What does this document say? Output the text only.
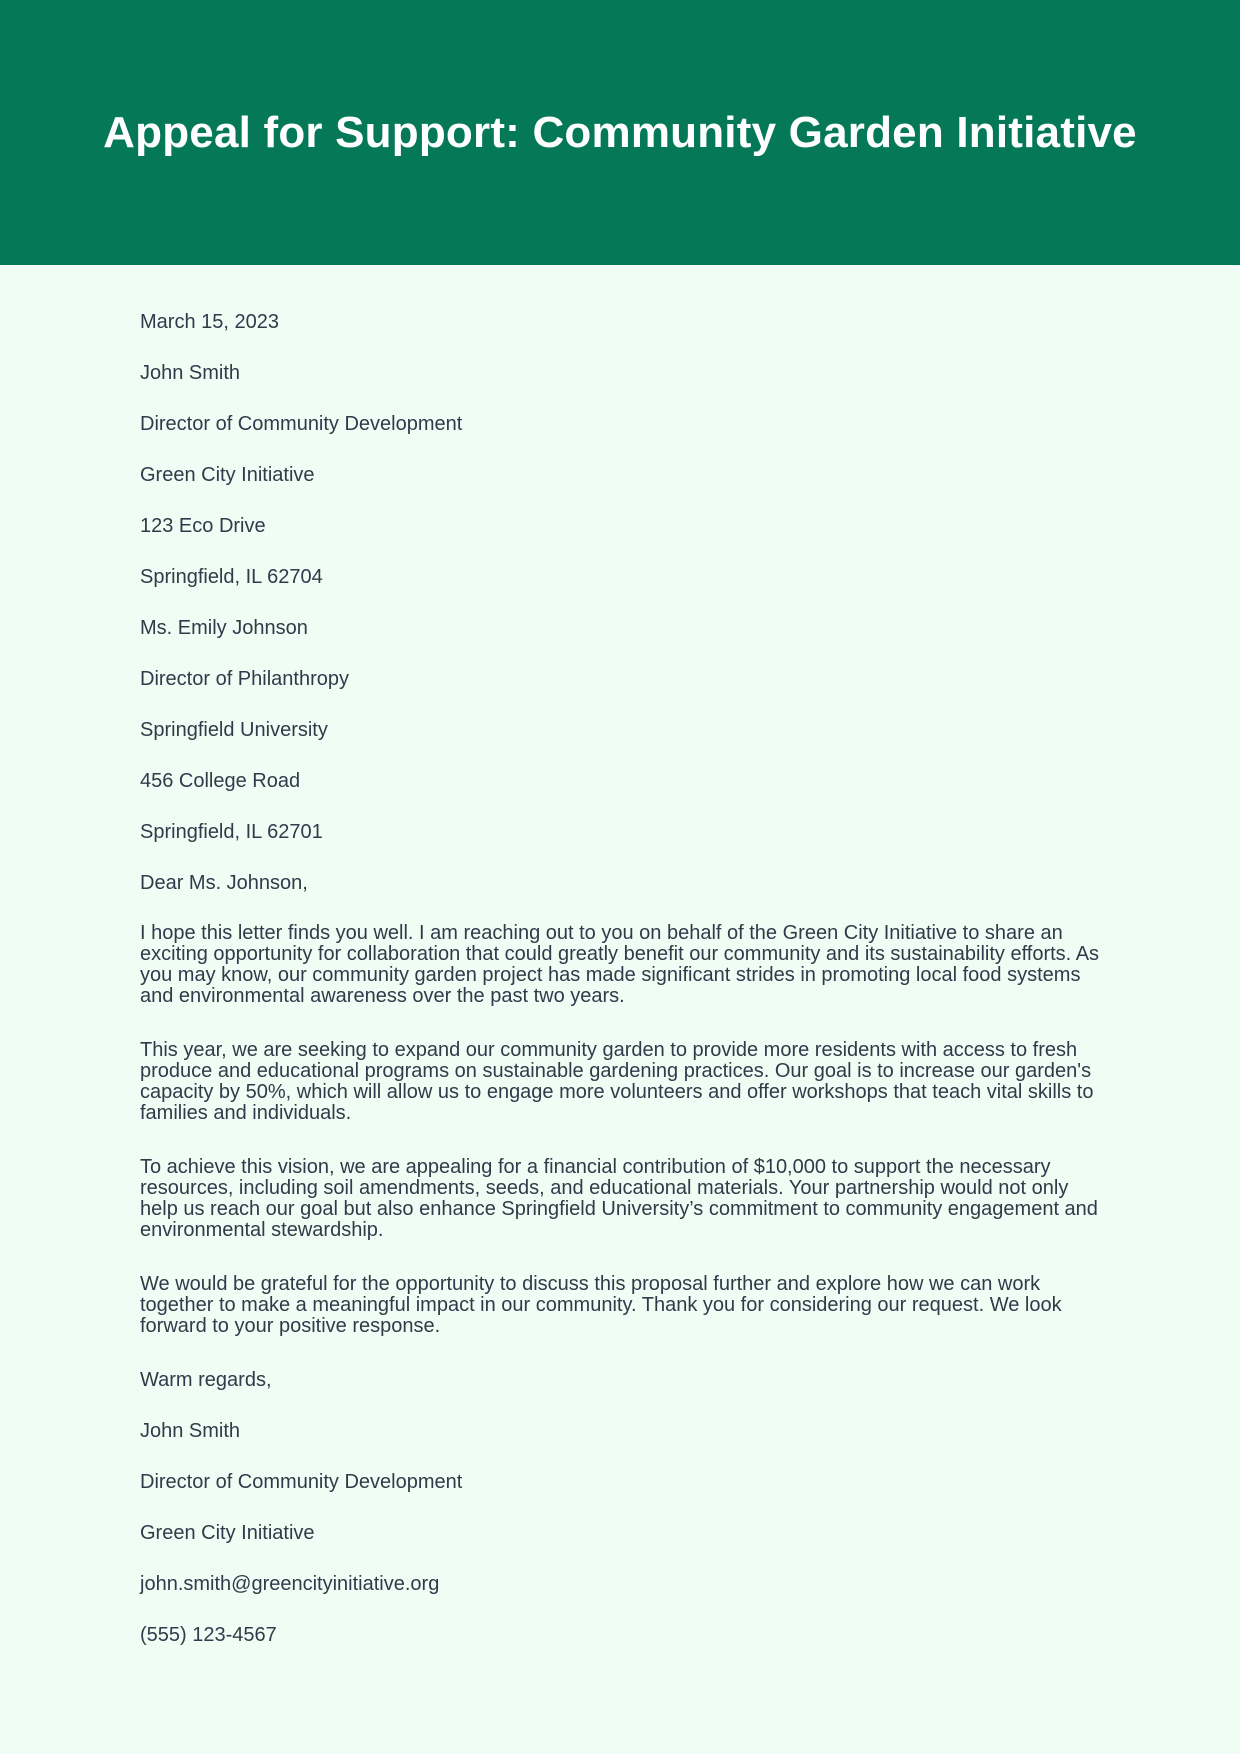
Appeal for Support: Community Garden Initiative
March 15, 2023
John Smith
Director of Community Development
Green City Initiative
123 Eco Drive
Springfield, IL 62704
Ms. Emily Johnson
Director of Philanthropy
Springfield University
456 College Road
Springfield, IL 62701
Dear Ms. Johnson,
I hope this letter finds you well. I am reaching out to you on behalf of the Green City Initiative to share an exciting opportunity for collaboration that could greatly benefit our community and its sustainability efforts. As you may know, our community garden project has made significant strides in promoting local food systems and environmental awareness over the past two years.
This year, we are seeking to expand our community garden to provide more residents with access to fresh produce and educational programs on sustainable gardening practices. Our goal is to increase our garden's capacity by 50%, which will allow us to engage more volunteers and offer workshops that teach vital skills to families and individuals.
To achieve this vision, we are appealing for a financial contribution of $10,000 to support the necessary resources, including soil amendments, seeds, and educational materials. Your partnership would not only help us reach our goal but also enhance Springfield University’s commitment to community engagement and environmental stewardship.
We would be grateful for the opportunity to discuss this proposal further and explore how we can work together to make a meaningful impact in our community. Thank you for considering our request. We look forward to your positive response.
Warm regards,
John Smith
Director of Community Development
Green City Initiative
john.smith@greencityinitiative.org
(555) 123-4567
